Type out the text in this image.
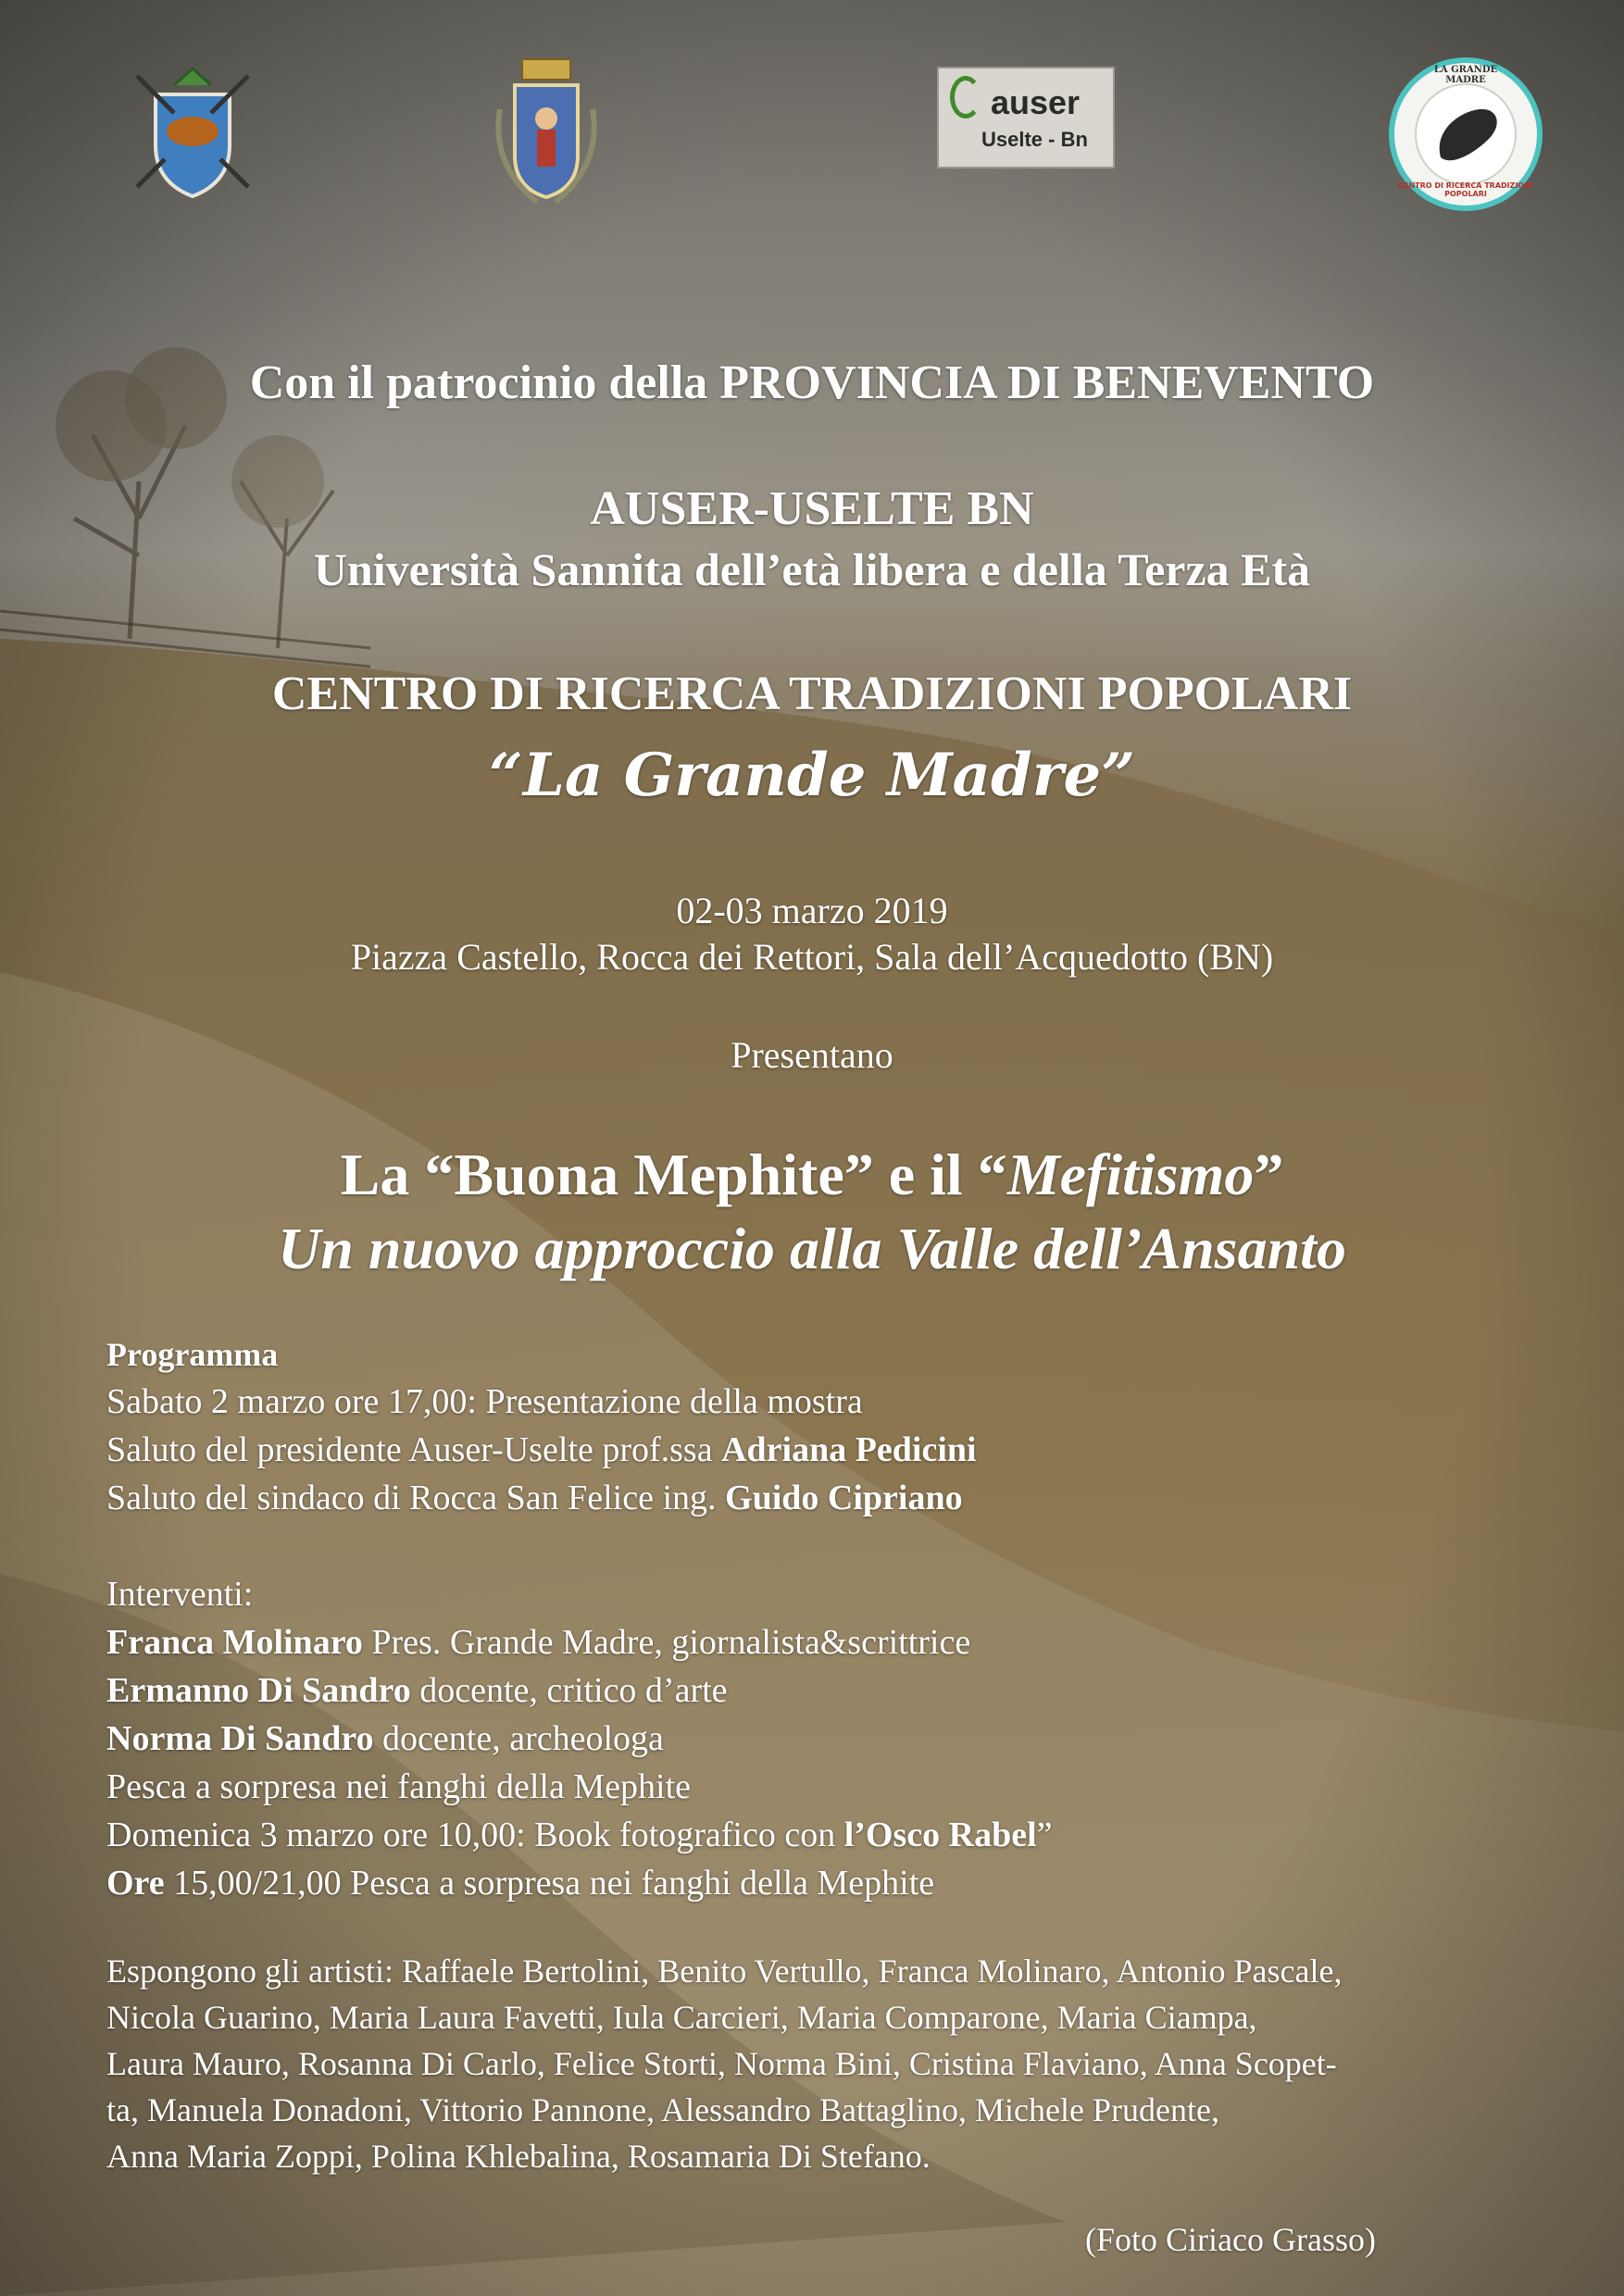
auser
Uselte - Bn
LA GRANDE MADRE
CENTRO DI RICERCA TRADIZIONI POPOLARI
Con il patrocinio della PROVINCIA DI BENEVENTO
AUSER-USELTE BN
Università Sannita dell’età libera e della Terza Età
CENTRO DI RICERCA TRADIZIONI POPOLARI
“La Grande Madre”
02-03 marzo 2019
Piazza Castello, Rocca dei Rettori, Sala dell’Acquedotto (BN)
Presentano
La “Buona Mephite” e il “Mefitismo”
Un nuovo approccio alla Valle dell’Ansanto
Programma
Sabato 2 marzo ore 17,00: Presentazione della mostra
Saluto del presidente Auser-Uselte prof.ssa Adriana Pedicini
Saluto del sindaco di Rocca San Felice ing. Guido Cipriano
Interventi:
Franca Molinaro Pres. Grande Madre, giornalista&scrittrice
Ermanno Di Sandro docente, critico d’arte
Norma Di Sandro docente, archeologa
Pesca a sorpresa nei fanghi della Mephite
Domenica 3 marzo ore 10,00: Book fotografico con l’Osco Rabel”
Ore 15,00/21,00 Pesca a sorpresa nei fanghi della Mephite
Espongono gli artisti: Raffaele Bertolini, Benito Vertullo, Franca Molinaro, Antonio Pascale,
Nicola Guarino, Maria Laura Favetti, Iula Carcieri, Maria Comparone, Maria Ciampa,
Laura Mauro, Rosanna Di Carlo, Felice Storti, Norma Bini, Cristina Flaviano, Anna Scopet-
ta, Manuela Donadoni, Vittorio Pannone, Alessandro Battaglino, Michele Prudente,
Anna Maria Zoppi, Polina Khlebalina, Rosamaria Di Stefano.
(Foto Ciriaco Grasso)
